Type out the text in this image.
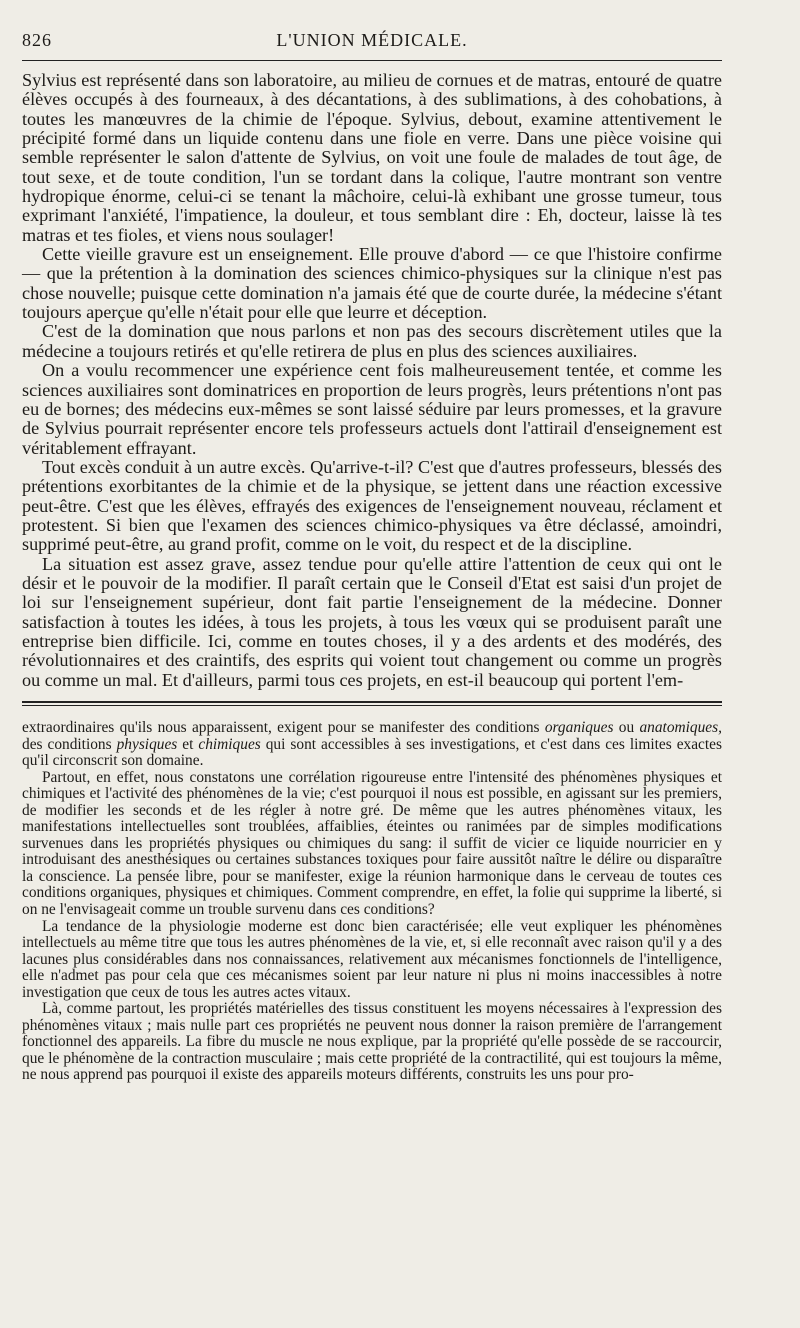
826	L'UNION MÉDICALE.

Sylvius est représenté dans son laboratoire, au milieu de cornues et de matras, entouré de quatre élèves occupés à des fourneaux, à des décantations, à des sublimations, à des cohobations, à toutes les manœuvres de la chimie de l'époque. Sylvius, debout, examine attentivement le précipité formé dans un liquide contenu dans une fiole en verre. Dans une pièce voisine qui semble représenter le salon d'attente de Sylvius, on voit une foule de malades de tout âge, de tout sexe, et de toute condition, l'un se tordant dans la colique, l'autre montrant son ventre hydropique énorme, celui-ci se tenant la mâchoire, celui-là exhibant une grosse tumeur, tous exprimant l'anxiété, l'impatience, la douleur, et tous semblant dire : Eh, docteur, laisse là tes matras et tes fioles, et viens nous soulager!

Cette vieille gravure est un enseignement. Elle prouve d'abord — ce que l'histoire confirme — que la prétention à la domination des sciences chimico-physiques sur la clinique n'est pas chose nouvelle; puisque cette domination n'a jamais été que de courte durée, la médecine s'étant toujours aperçue qu'elle n'était pour elle que leurre et déception.

C'est de la domination que nous parlons et non pas des secours discrètement utiles que la médecine a toujours retirés et qu'elle retirera de plus en plus des sciences auxiliaires.

On a voulu recommencer une expérience cent fois malheureusement tentée, et comme les sciences auxiliaires sont dominatrices en proportion de leurs progrès, leurs prétentions n'ont pas eu de bornes; des médecins eux-mêmes se sont laissé séduire par leurs promesses, et la gravure de Sylvius pourrait représenter encore tels professeurs actuels dont l'attirail d'enseignement est véritablement effrayant.

Tout excès conduit à un autre excès. Qu'arrive-t-il? C'est que d'autres professeurs, blessés des prétentions exorbitantes de la chimie et de la physique, se jettent dans une réaction excessive peut-être. C'est que les élèves, effrayés des exigences de l'enseignement nouveau, réclament et protestent. Si bien que l'examen des sciences chimico-physiques va être déclassé, amoindri, supprimé peut-être, au grand profit, comme on le voit, du respect et de la discipline.

La situation est assez grave, assez tendue pour qu'elle attire l'attention de ceux qui ont le désir et le pouvoir de la modifier. Il paraît certain que le Conseil d'Etat est saisi d'un projet de loi sur l'enseignement supérieur, dont fait partie l'enseignement de la médecine. Donner satisfaction à toutes les idées, à tous les projets, à tous les vœux qui se produisent paraît une entreprise bien difficile. Ici, comme en toutes choses, il y a des ardents et des modérés, des révolutionnaires et des craintifs, des esprits qui voient tout changement ou comme un progrès ou comme un mal. Et d'ailleurs, parmi tous ces projets, en est-il beaucoup qui portent l'em-

extraordinaires qu'ils nous apparaissent, exigent pour se manifester des conditions organiques ou anatomiques, des conditions physiques et chimiques qui sont accessibles à ses investigations, et c'est dans ces limites exactes qu'il circonscrit son domaine.

Partout, en effet, nous constatons une corrélation rigoureuse entre l'intensité des phénomènes physiques et chimiques et l'activité des phénomènes de la vie; c'est pourquoi il nous est possible, en agissant sur les premiers, de modifier les seconds et de les régler à notre gré. De même que les autres phénomènes vitaux, les manifestations intellectuelles sont troublées, affaiblies, éteintes ou ranimées par de simples modifications survenues dans les propriétés physiques ou chimiques du sang: il suffit de vicier ce liquide nourricier en y introduisant des anesthésiques ou certaines substances toxiques pour faire aussitôt naître le délire ou disparaître la conscience. La pensée libre, pour se manifester, exige la réunion harmonique dans le cerveau de toutes ces conditions organiques, physiques et chimiques. Comment comprendre, en effet, la folie qui supprime la liberté, si on ne l'envisageait comme un trouble survenu dans ces conditions?

La tendance de la physiologie moderne est donc bien caractérisée; elle veut expliquer les phénomènes intellectuels au même titre que tous les autres phénomènes de la vie, et, si elle reconnaît avec raison qu'il y a des lacunes plus considérables dans nos connaissances, relativement aux mécanismes fonctionnels de l'intelligence, elle n'admet pas pour cela que ces mécanismes soient par leur nature ni plus ni moins inaccessibles à notre investigation que ceux de tous les autres actes vitaux.

Là, comme partout, les propriétés matérielles des tissus constituent les moyens nécessaires à l'expression des phénomènes vitaux ; mais nulle part ces propriétés ne peuvent nous donner la raison première de l'arrangement fonctionnel des appareils. La fibre du muscle ne nous explique, par la propriété qu'elle possède de se raccourcir, que le phénomène de la contraction musculaire ; mais cette propriété de la contractilité, qui est toujours la même, ne nous apprend pas pourquoi il existe des appareils moteurs différents, construits les uns pour pro-
